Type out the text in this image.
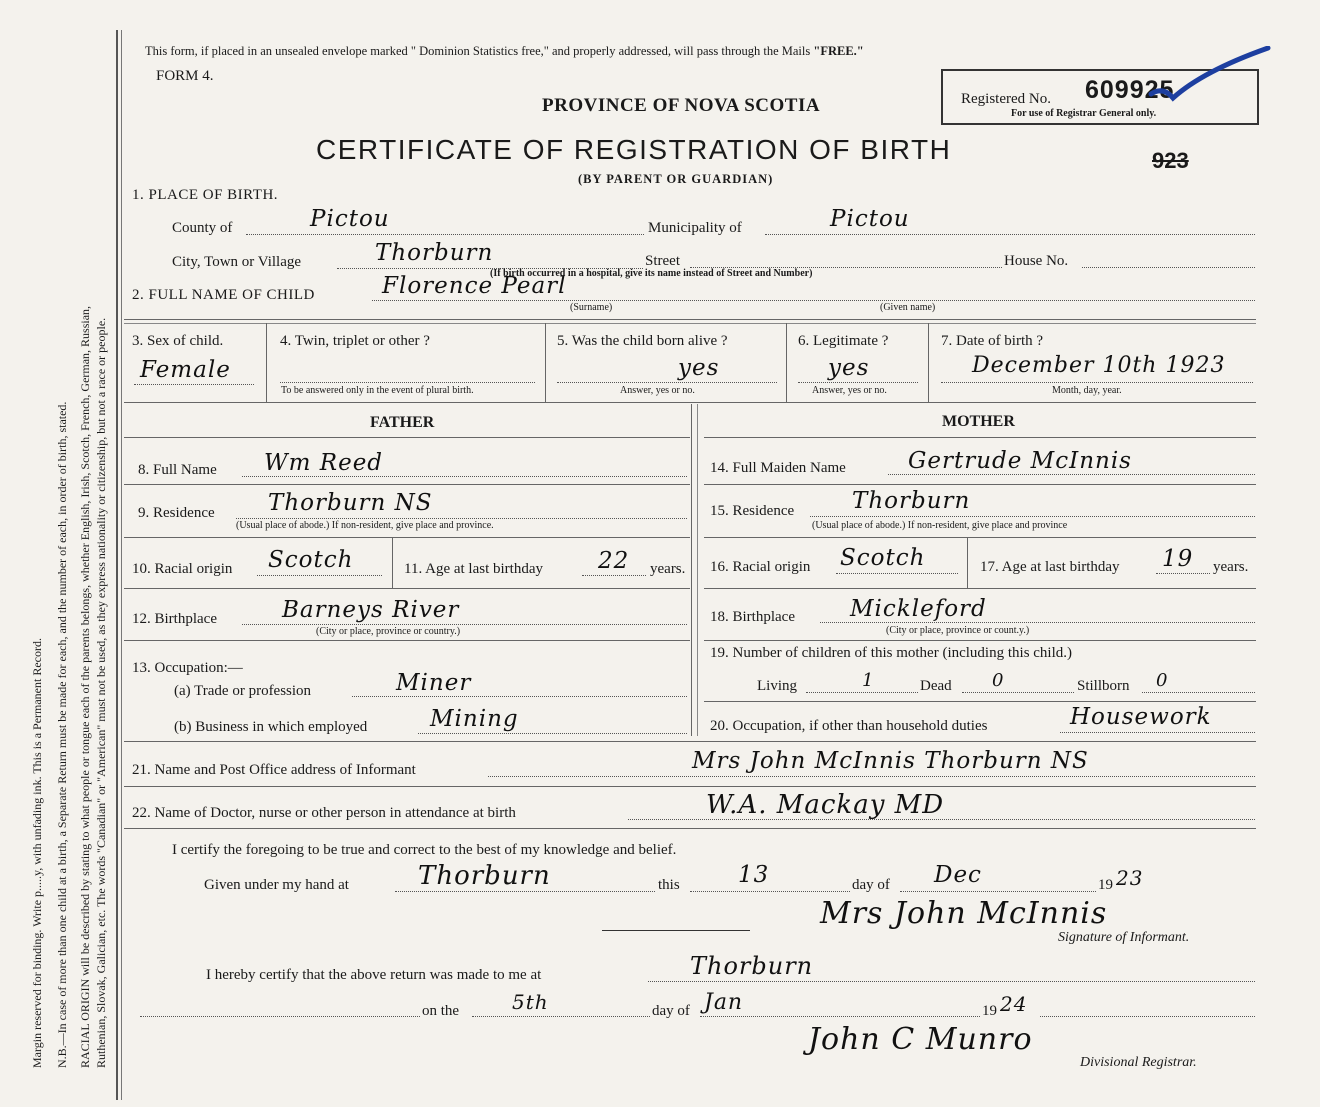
Margin reserved for binding. Write p.....y, with unfading ink. This is a Permanent Record. N.B.—In case of more than one child at a birth, a Separate Return must be made for each, and the number of each, in order of birth, stated. RACIAL ORIGIN will be described by stating to what people or tongue each of the parents belongs, whether English, Irish, Scotch, French, German, Russian, Ruthenian, Slovak, Galician, etc. The words "Canadian" or "American" must not be used, as they express nationality or citizenship, but not a race or people.
This form, if placed in an unsealed envelope marked " Dominion Statistics free," and properly addressed, will pass through the Mails "FREE."
FORM 4.
PROVINCE OF NOVA SCOTIA
CERTIFICATE OF REGISTRATION OF BIRTH
(BY PARENT OR GUARDIAN)
Registered No. 609925
For use of Registrar General only.
923
1. PLACE OF BIRTH.
County of	Pictou	Municipality of	Pictou
City, Town or Village	Thorburn	Street
(If birth occurred in a hospital, give its name instead of Street and Number)
House No.
2. FULL NAME OF CHILD	Florence Pearl
(Surname)	(Given name)
3. Sex of child.
Female
4. Twin, triplet or other ?
To be answered only in the event of plural birth.
5. Was the child born alive ?
yes
Answer, yes or no.
6. Legitimate ?
yes
Answer, yes or no.
7. Date of birth ?
December 10th 1923
Month, day, year.
FATHER	MOTHER
8. Full Name Wm Reed
9. Residence Thorburn NS
(Usual place of abode.) If non-resident, give place and province.
10. Racial origin Scotch	11. Age at last birthday 22 years.
12. Birthplace	Barneys River
(City or place, province or country.)
13. Occupation:—
(a) Trade or profession	Miner
(b) Business in which employed	Mining
14. Full Maiden Name	Gertrude McInnis
15. Residence	Thorburn
(Usual place of abode.) If non-resident, give place and province
16. Racial origin Scotch	17. Age at last birthday 19 years.
18. Birthplace Mickleford
(City or place, province or count.y.)
19. Number of children of this mother (including this child.)
Living	1	Dead 0	Stillborn 0
20. Occupation, if other than household duties	Housework
21. Name and Post Office address of Informant	Mrs John McInnis Thorburn NS
22. Name of Doctor, nurse or other person in attendance at birth	W.A. Mackay MD
I certify the foregoing to be true and correct to the best of my knowledge and belief.
Given under my hand at	Thorburn	this	13	day of Dec	19 23
Mrs John McInnis
Signature of Informant.
I hereby certify that the above return was made to me at	Thorburn
on the	5th	day of Jan	19 24
John C Munro
Divisional Registrar.
